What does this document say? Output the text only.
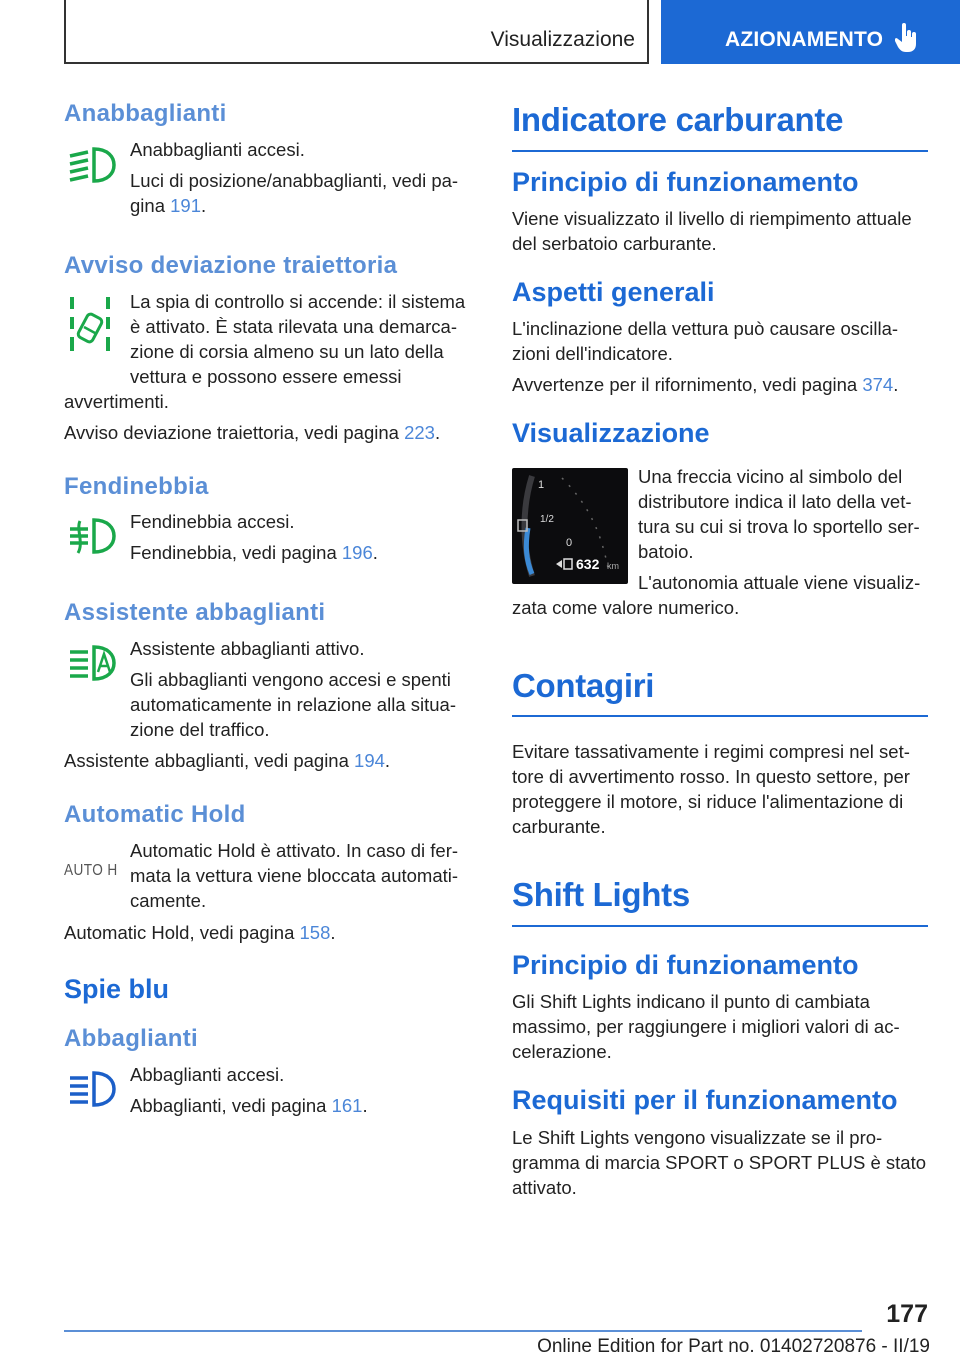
Visualizzazione	AZIONAMENTO
Anabbaglianti

Anabbaglianti accesi.

Luci di posizione/anabbaglianti, vedi pa-gina 191.

Avviso deviazione traiettoria

La spia di controllo si accende: il sistema è attivato. È stata rilevata una demarca-zione di corsia almeno su un lato della vettura e possono essere emessi avvertimenti.

Avviso deviazione traiettoria, vedi pagina 223.

Fendinebbia

Fendinebbia accesi.

Fendinebbia, vedi pagina 196.

Assistente abbaglianti

Assistente abbaglianti attivo.

Gli abbaglianti vengono accesi e spenti automaticamente in relazione alla situa-zione del traffico.

Assistente abbaglianti, vedi pagina 194.

Automatic Hold
AUTO H

Automatic Hold è attivato. In caso di fer-mata la vettura viene bloccata automati-camente.

Automatic Hold, vedi pagina 158.

Spie blu
Abbaglianti

Abbaglianti accesi.

Abbaglianti, vedi pagina 161.

Indicatore carburante
Principio di funzionamento

Viene visualizzato il livello di riempimento attuale del serbatoio carburante.

Aspetti generali

L'inclinazione della vettura può causare oscilla-zioni dell'indicatore.

Avvertenze per il rifornimento, vedi pagina 374.

Visualizzazione
1
1/2
0
632 km

Una freccia vicino al simbolo del distributore indica il lato della vet-tura su cui si trova lo sportello ser-batoio.

L'autonomia attuale viene visualiz-zata come valore numerico.

Contagiri

Evitare tassativamente i regimi compresi nel set-tore di avvertimento rosso. In questo settore, per proteggere il motore, si riduce l'alimentazione di carburante.

Shift Lights
Principio di funzionamento

Gli Shift Lights indicano il punto di cambiata massimo, per raggiungere i migliori valori di ac-celerazione.

Requisiti per il funzionamento

Le Shift Lights vengono visualizzate se il pro-gramma di marcia SPORT o SPORT PLUS è stato attivato.

177
Online Edition for Part no. 01402720876 - II/19
